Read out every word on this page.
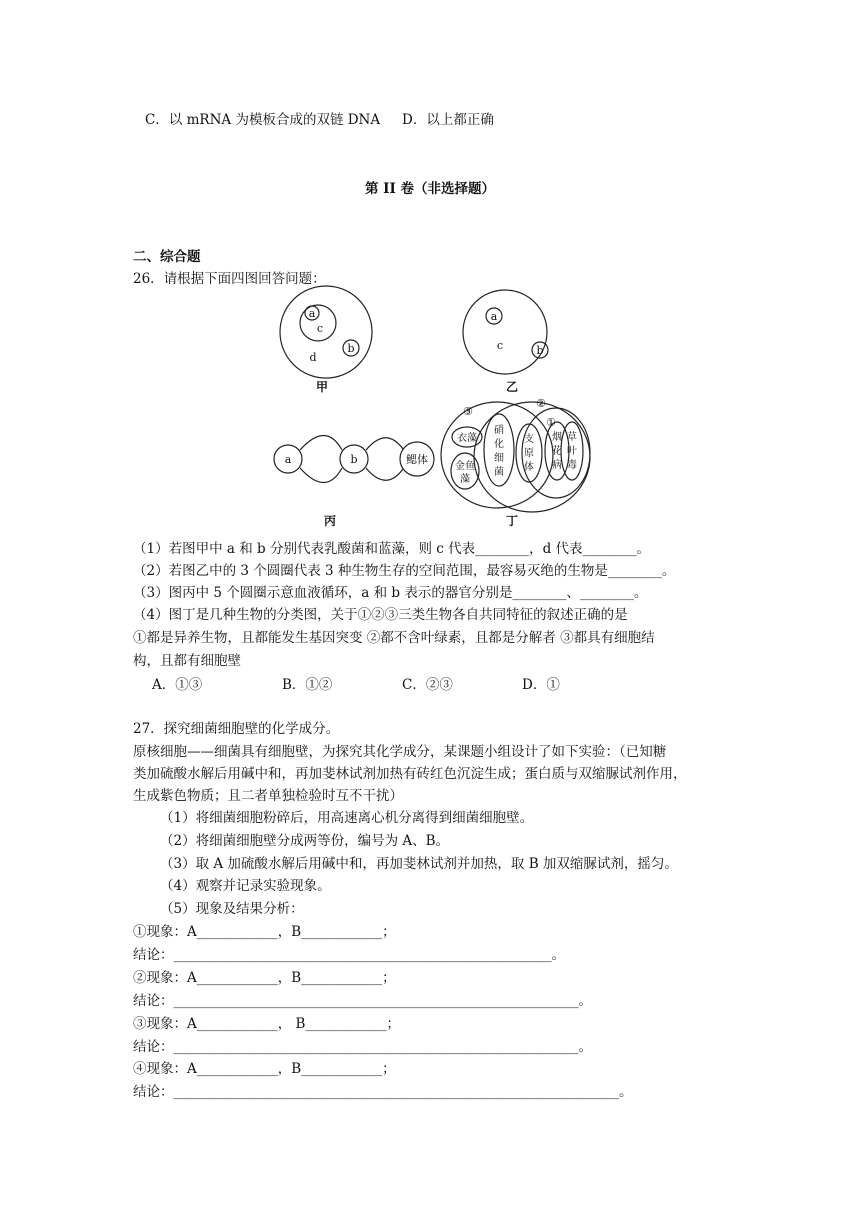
C．以 mRNA 为模板合成的双链 DNA D．以上都正确
第 II 卷（非选择题）
二、综合题
26．请根据下面四图回答问题：
a
c
b
d
a
c	b
a	b	鳃体
③
②
①
衣藻
金鱼
藻
硝
化
细
菌
支
原
体
烟
花
病
草
叶
毒
甲	乙
丙	丁
（1）若图甲中 a 和 b 分别代表乳酸菌和蓝藻，则 c 代表________，d 代表________。
（2）若图乙中的 3 个圆圈代表 3 种生物生存的空间范围，最容易灭绝的生物是________。
（3）图丙中 5 个圆圈示意血液循环，a 和 b 表示的器官分别是________、________。
（4）图丁是几种生物的分类图，关于①②③三类生物各自共同特征的叙述正确的是
①都是异养生物，且都能发生基因突变 ②都不含叶绿素，且都是分解者 ③都具有细胞结
构，且都有细胞壁
A．①③	B．①②	C．②③	D．①
27．探究细菌细胞壁的化学成分。
原核细胞——细菌具有细胞壁，为探究其化学成分，某课题小组设计了如下实验：（已知糖
类加硫酸水解后用碱中和，再加斐林试剂加热有砖红色沉淀生成；蛋白质与双缩脲试剂作用，
生成紫色物质；且二者单独检验时互不干扰）
（1）将细菌细胞粉碎后，用高速离心机分离得到细菌细胞壁。
（2）将细菌细胞壁分成两等份，编号为 A、B。
（3）取 A 加硫酸水解后用碱中和，再加斐林试剂并加热，取 B 加双缩脲试剂，摇匀。
（4）观察并记录实验现象。
（5）现象及结果分析：
①现象：A____________，B____________；
结论：________________________________________________________。
②现象：A____________，B____________；
结论：____________________________________________________________。
③现象：A____________， B____________；
结论：____________________________________________________________。
④现象：A____________，B____________；
结论：__________________________________________________________________。
